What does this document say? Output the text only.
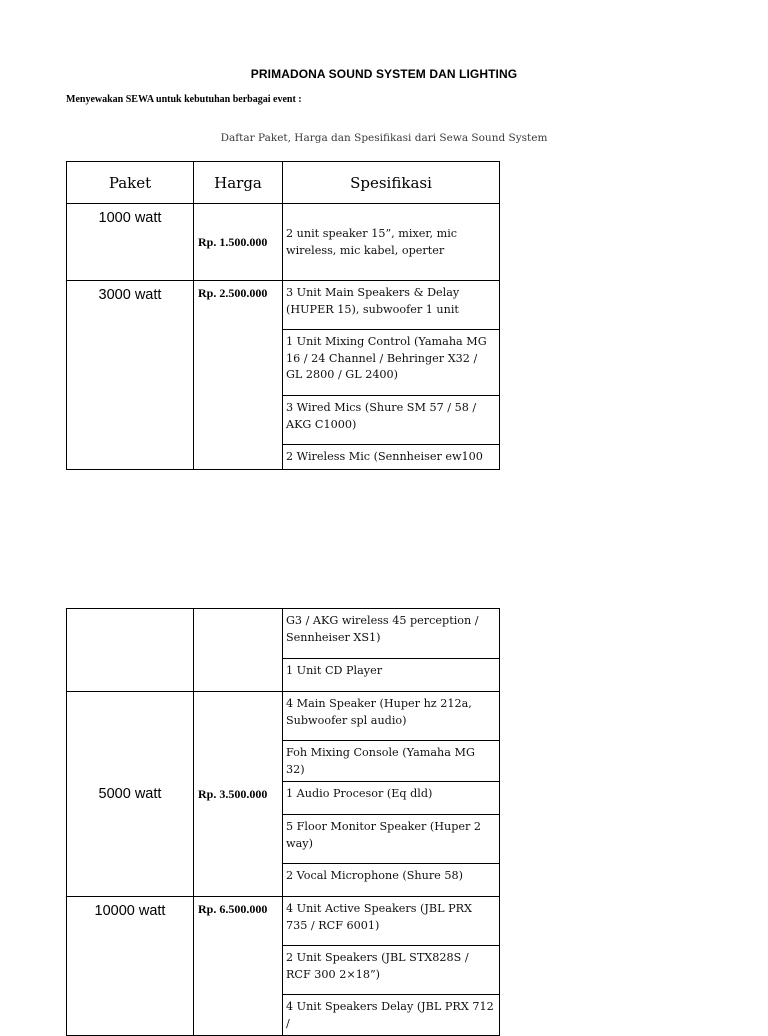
PRIMADONA SOUND SYSTEM DAN LIGHTING
Menyewakan SEWA untuk kebutuhan berbagai event :
Daftar Paket, Harga dan Spesifikasi dari Sewa Sound System
Paket	Harga	Spesifikasi
1000 watt	Rp. 1.500.000	2 unit speaker 15”, mixer, mic wireless, mic kabel, operter
3000 watt	Rp. 2.500.000	3 Unit Main Speakers & Delay (HUPER 15), subwoofer 1 unit
		1 Unit Mixing Control (Yamaha MG 16 / 24 Channel / Behringer X32 / GL 2800 / GL 2400)
		3 Wired Mics (Shure SM 57 / 58 / AKG C1000)
		2 Wireless Mic (Sennheiser ew100
		G3 / AKG wireless 45 perception / Sennheiser XS1)
		1 Unit CD Player
5000 watt	Rp. 3.500.000	4 Main Speaker (Huper hz 212a, Subwoofer spl audio)
		Foh Mixing Console (Yamaha MG 32)
		1 Audio Procesor (Eq dld)
		5 Floor Monitor Speaker (Huper 2 way)
		2 Vocal Microphone (Shure 58)
10000 watt	Rp. 6.500.000	4 Unit Active Speakers (JBL PRX 735 / RCF 6001)
		2 Unit Speakers (JBL STX828S / RCF 300 2×18”)
		4 Unit Speakers Delay (JBL PRX 712 /
